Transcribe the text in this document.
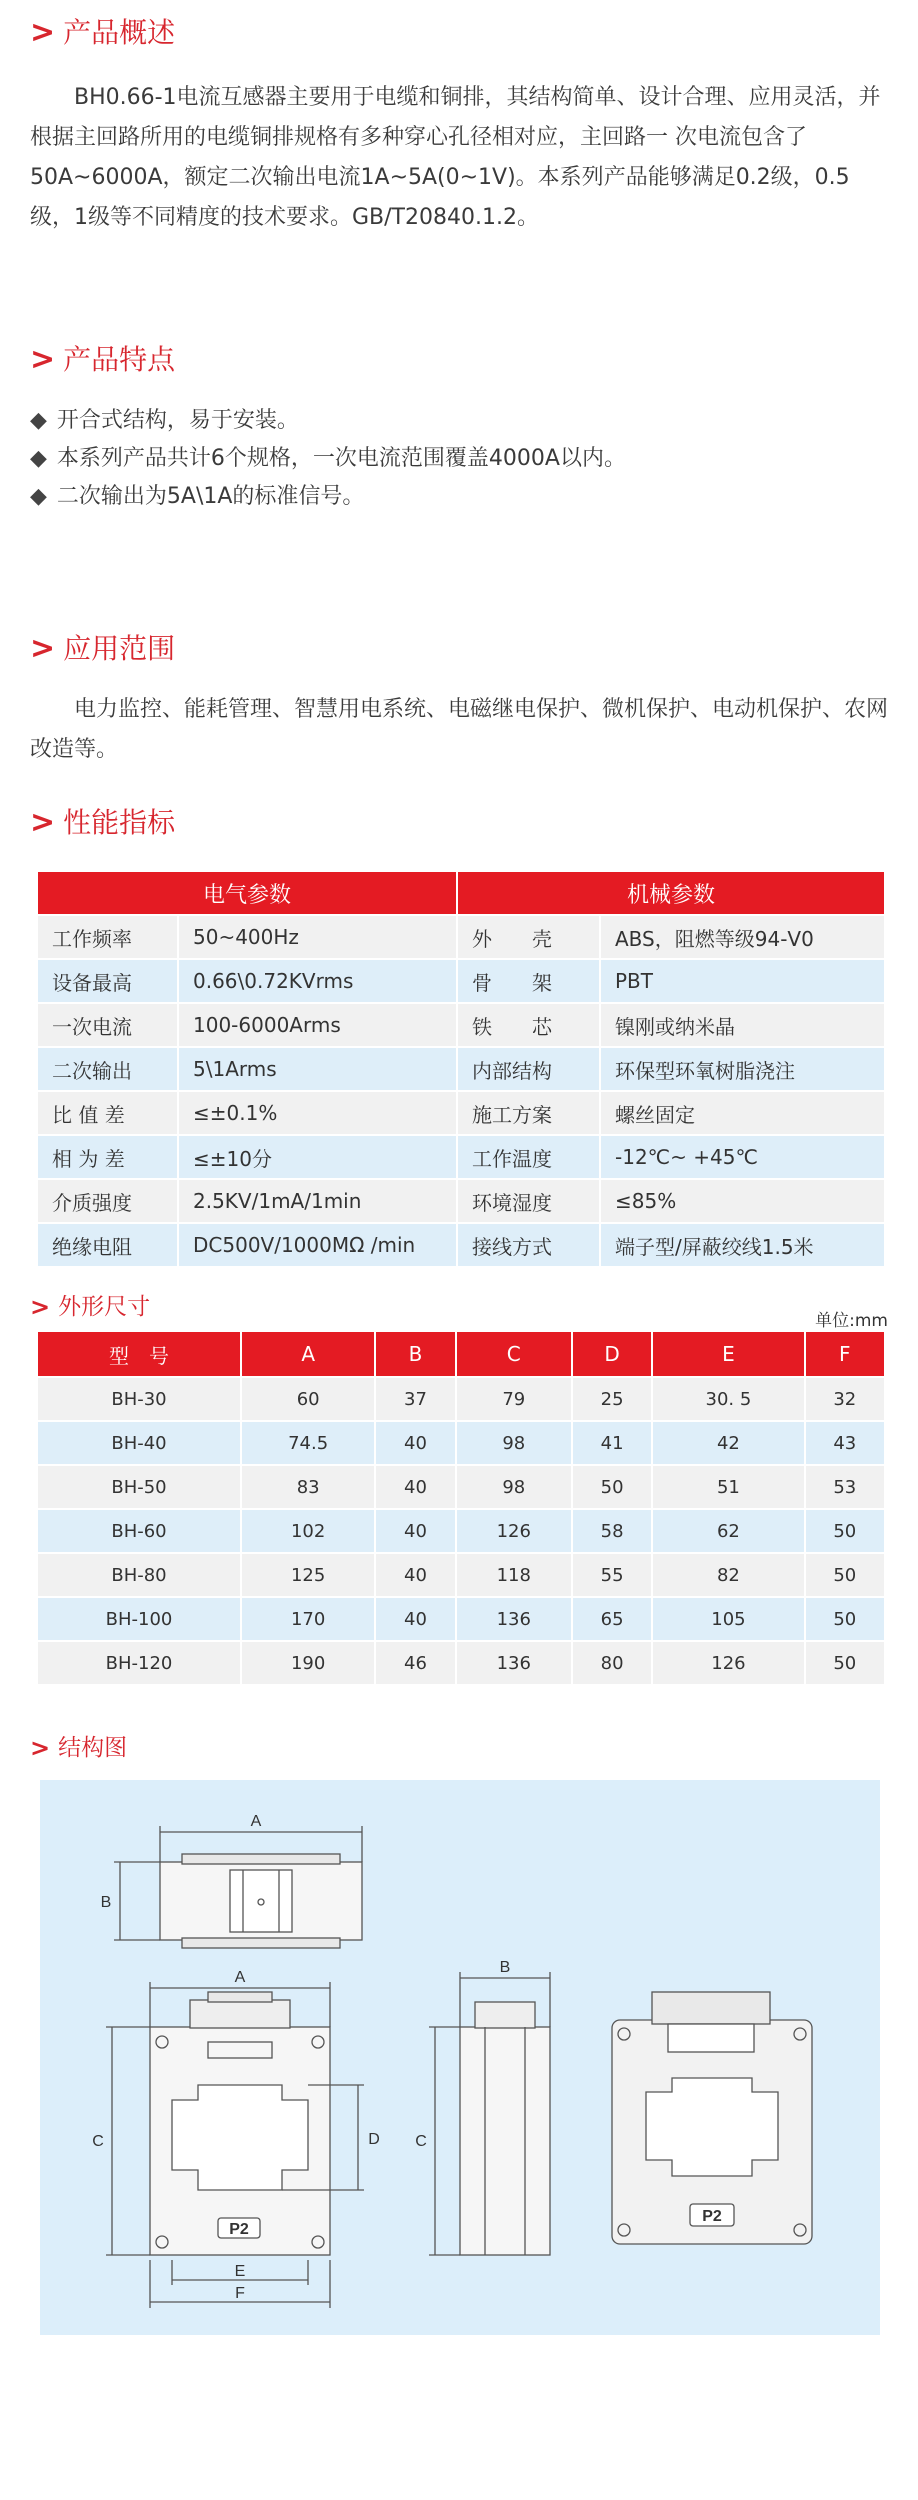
> 产品概述

BH0.66-1电流互感器主要用于电缆和铜排，其结构简单、设计合理、应用灵活，并根据主回路所用的电缆铜排规格有多种穿心孔径相对应，主回路一 次电流包含了50A~6000A，额定二次输出电流1A~5A(0~1V)。本系列产品能够满足0.2级，0.5级，1级等不同精度的技术要求。GB/T20840.1.2。

> 产品特点
◆ 开合式结构，易于安装。
◆ 本系列产品共计6个规格，一次电流范围覆盖4000A以内。
◆ 二次输出为5A\1A的标准信号。
> 应用范围

电力监控、能耗管理、智慧用电系统、电磁继电保护、微机保护、电动机保护、农网改造等。

> 性能指标
电气参数		机械参数	
工作频率	50~400Hz	外　　壳	ABS，阻燃等级94-V0
设备最高	0.66\0.72KVrms	骨　　架	PBT
一次电流	100-6000Arms	铁　　芯	镍刚或纳米晶
二次输出	5\1Arms	内部结构	环保型环氧树脂浇注
比 值 差	≤±0.1%	施工方案	螺丝固定
相 为 差	≤±10分	工作温度	-12℃~ +45℃
介质强度	2.5KV/1mA/1min	环境湿度	≤85%
绝缘电阻	DC500V/1000MΩ /min	接线方式	端子型/屏蔽绞线1.5米
> 外形尺寸
单位:mm
型　号	A	B	C	D	E	F
BH-30	60	37	79	25	30. 5	32
BH-40	74.5	40	98	41	42	43
BH-50	83	40	98	50	51	53
BH-60	102	40	126	58	62	50
BH-80	125	40	118	55	82	50
BH-100	170	40	136	65	105	50
BH-120	190	46	136	80	126	50
> 结构图
A
B
A
C	D
E
F
B
C
P2
P2
